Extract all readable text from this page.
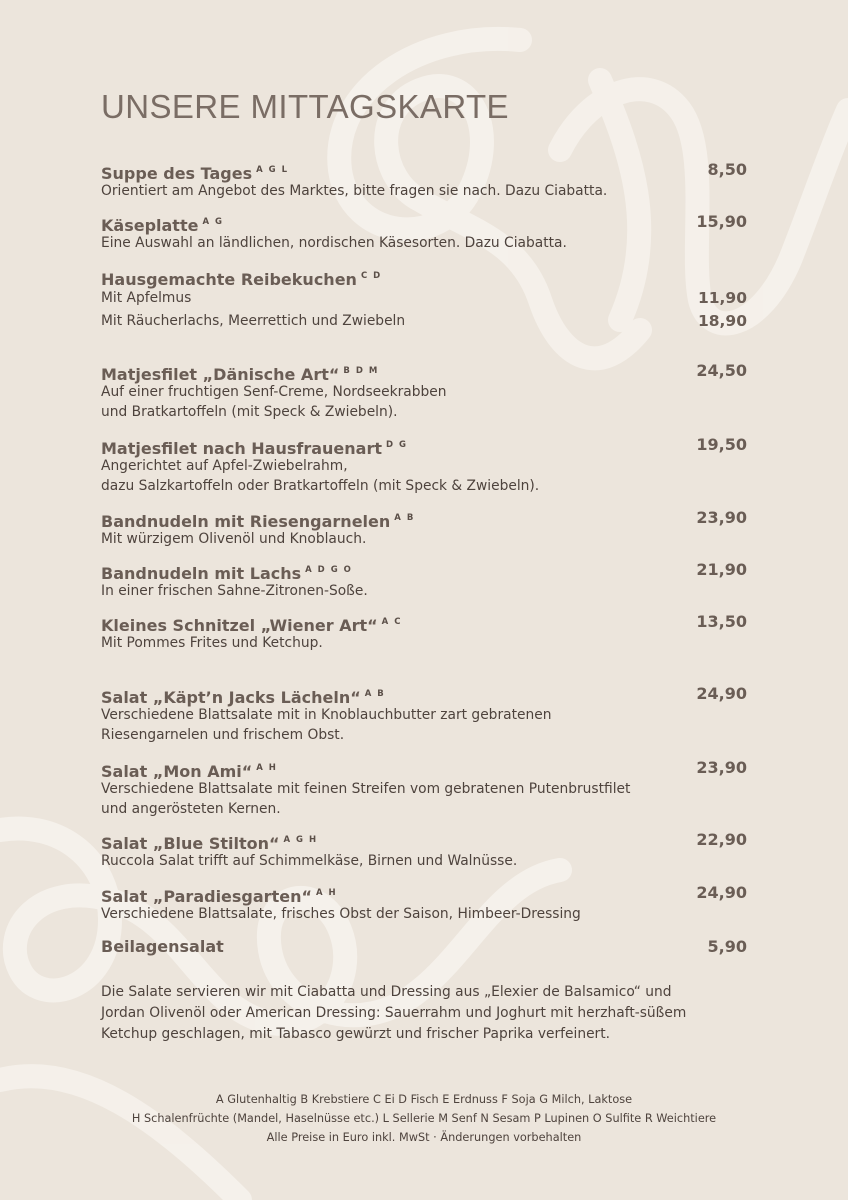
UNSERE MITTAGSKARTE
Suppe des Tages $^{A G L}$	8,50
Orientiert am Angebot des Marktes, bitte fragen sie nach. Dazu Ciabatta.
Käseplatte $^{A G}$	15,90
Eine Auswahl an ländlichen, nordischen Käsesorten. Dazu Ciabatta.
Hausgemachte Reibekuchen $^{C D}$
Mit Apfelmus	11,90
Mit Räucherlachs, Meerrettich und Zwiebeln	18,90
Matjesfilet „Dänische Art“ $^{B D M}$	24,50
Auf einer fruchtigen Senf-Creme, Nordseekrabben
und Bratkartoffeln (mit Speck & Zwiebeln).
Matjesfilet nach Hausfrauenart $^{D G}$	19,50
Angerichtet auf Apfel-Zwiebelrahm,
dazu Salzkartoffeln oder Bratkartoffeln (mit Speck & Zwiebeln).
Bandnudeln mit Riesengarnelen $^{A B}$	23,90
Mit würzigem Olivenöl und Knoblauch.
Bandnudeln mit Lachs $^{A D G O}$	21,90
In einer frischen Sahne-Zitronen-Soße.
Kleines Schnitzel „Wiener Art“ $^{A C}$	13,50
Mit Pommes Frites und Ketchup.
Salat „Käpt’n Jacks Lächeln“ $^{A B}$	24,90
Verschiedene Blattsalate mit in Knoblauchbutter zart gebratenen
Riesengarnelen und frischem Obst.
Salat „Mon Ami“ $^{A H}$	23,90
Verschiedene Blattsalate mit feinen Streifen vom gebratenen Putenbrustfilet
und angerösteten Kernen.
Salat „Blue Stilton“ $^{A G H}$	22,90
Ruccola Salat trifft auf Schimmelkäse, Birnen und Walnüsse.
Salat „Paradiesgarten“ $^{A H}$	24,90
Verschiedene Blattsalate, frisches Obst der Saison, Himbeer-Dressing
Beilagensalat	5,90
Die Salate servieren wir mit Ciabatta und Dressing aus „Elexier de Balsamico“ und
Jordan Olivenöl oder American Dressing: Sauerrahm und Joghurt mit herzhaft-süßem
Ketchup geschlagen, mit Tabasco gewürzt und frischer Paprika verfeinert.
A Glutenhaltig B Krebstiere C Ei D Fisch E Erdnuss F Soja G Milch, Laktose
H Schalenfrüchte (Mandel, Haselnüsse etc.) L Sellerie M Senf N Sesam P Lupinen O Sulfite R Weichtiere
Alle Preise in Euro inkl. MwSt · Änderungen vorbehalten
